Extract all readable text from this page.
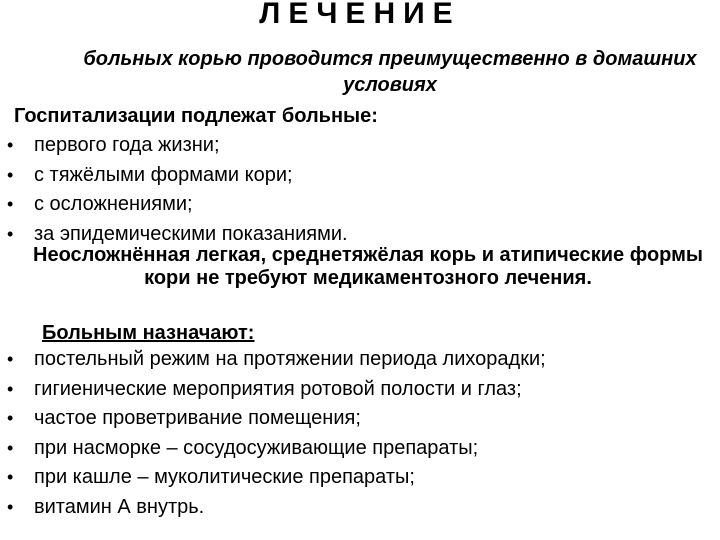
ЛЕЧЕНИЕ

больных корью проводится преимущественно в домашних условиях

Госпитализации подлежат больные:

• первого года жизни;
• с тяжёлыми формами кори;
• с осложнениями;
• за эпидемическими показаниями.

Неосложнённая легкая, среднетяжёлая корь и атипические формы кори не требуют медикаментозного лечения.

Больным назначают:

• постельный режим на протяжении периода лихорадки;
• гигиенические мероприятия ротовой полости и глаз;
• частое проветривание помещения;
• при насморке – сосудосуживающие препараты;
• при кашле – муколитические препараты;
• витамин А внутрь.
